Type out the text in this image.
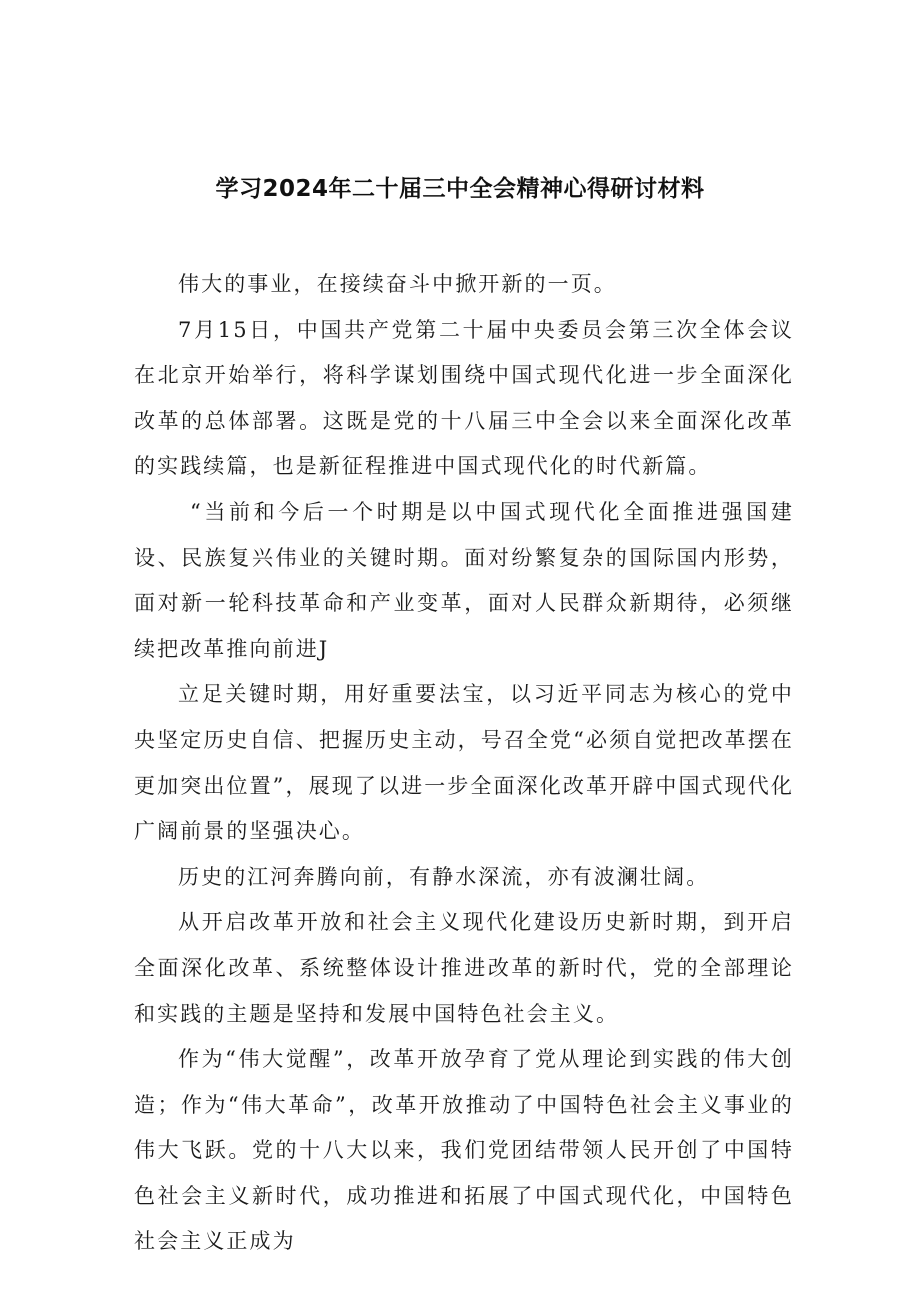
学习2024年二十届三中全会精神心得研讨材料

伟大的事业，在接续奋斗中掀开新的一页。

7月15日，中国共产党第二十届中央委员会第三次全体会议在北京开始举行，将科学谋划围绕中国式现代化进一步全面深化改革的总体部署。这既是党的十八届三中全会以来全面深化改革的实践续篇，也是新征程推进中国式现代化的时代新篇。

“当前和今后一个时期是以中国式现代化全面推进强国建设、民族复兴伟业的关键时期。面对纷繁复杂的国际国内形势，面对新一轮科技革命和产业变革，面对人民群众新期待，必须继续把改革推向前进J

立足关键时期，用好重要法宝，以习近平同志为核心的党中央坚定历史自信、把握历史主动，号召全党“必须自觉把改革摆在更加突出位置”，展现了以进一步全面深化改革开辟中国式现代化广阔前景的坚强决心。

历史的江河奔腾向前，有静水深流，亦有波澜壮阔。

从开启改革开放和社会主义现代化建设历史新时期，到开启全面深化改革、系统整体设计推进改革的新时代，党的全部理论和实践的主题是坚持和发展中国特色社会主义。

作为“伟大觉醒”，改革开放孕育了党从理论到实践的伟大创造；作为“伟大革命”，改革开放推动了中国特色社会主义事业的伟大飞跃。党的十八大以来，我们党团结带领人民开创了中国特色社会主义新时代，成功推进和拓展了中国式现代化，中国特色社会主义正成为
